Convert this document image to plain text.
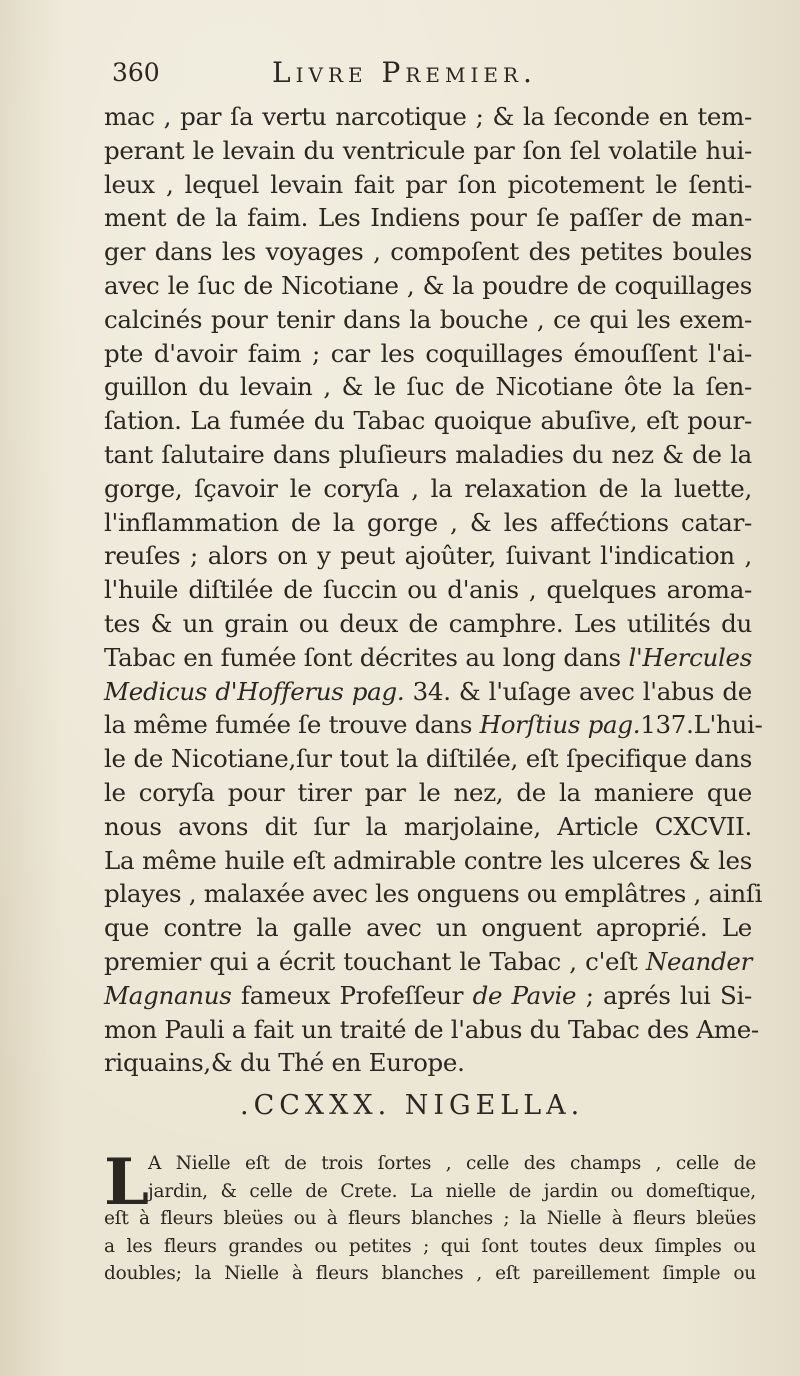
360	Livre Premier.
mac , par ſa vertu narcotique ; & la ſeconde en tem-
perant le levain du ventricule par ſon ſel volatile hui-
leux , lequel levain fait par ſon picotement le ſenti-
ment de la faim. Les Indiens pour ſe paſſer de man-
ger dans les voyages , compoſent des petites boules
avec le ſuc de Nicotiane , & la poudre de coquillages
calcinés pour tenir dans la bouche , ce qui les exem-
pte d'avoir faim ; car les coquillages émouſſent l'ai-
guillon du levain , & le ſuc de Nicotiane ôte la ſen-
ſation. La fumée du Tabac quoique abuſive, eſt pour-
tant ſalutaire dans pluſieurs maladies du nez & de la
gorge, ſçavoir le coryſa , la relaxation de la luette,
l'inflammation de la gorge , & les affećtions catar-
reuſes ; alors on y peut ajoûter, ſuivant l'indication ,
l'huile diſtilée de ſuccin ou d'anis , quelques aroma-
tes & un grain ou deux de camphre. Les utilités du
Tabac en fumée ſont décrites au long dans l'Hercules
Medicus d'Hofferus pag. 34. & l'uſage avec l'abus de
la même fumée ſe trouve dans Horſtius pag.137.L'hui-
le de Nicotiane,ſur tout la diſtilée, eſt ſpecifique dans
le coryſa pour tirer par le nez, de la maniere que
nous avons dit ſur la marjolaine, Article CXCVII.
La même huile eſt admirable contre les ulceres & les
playes , malaxée avec les onguens ou emplâtres , ainſi
que contre la galle avec un onguent aproprié. Le
premier qui a écrit touchant le Tabac , c'eſt Neander
Magnanus fameux Profeſſeur de Pavie ; aprés lui Si-
mon Pauli a fait un traité de l'abus du Tabac des Ame-
riquains,& du Thé en Europe.
.CCXXX. NIGELLA.
L A Nielle eſt de trois ſortes , celle des champs , celle de
jardin, & celle de Crete. La nielle de jardin ou domeſtique,
eſt à fleurs bleües ou à fleurs blanches ; la Nielle à fleurs bleües
a les fleurs grandes ou petites ; qui ſont toutes deux ſimples ou
doubles; la Nielle à fleurs blanches , eſt pareillement ſimple ou
